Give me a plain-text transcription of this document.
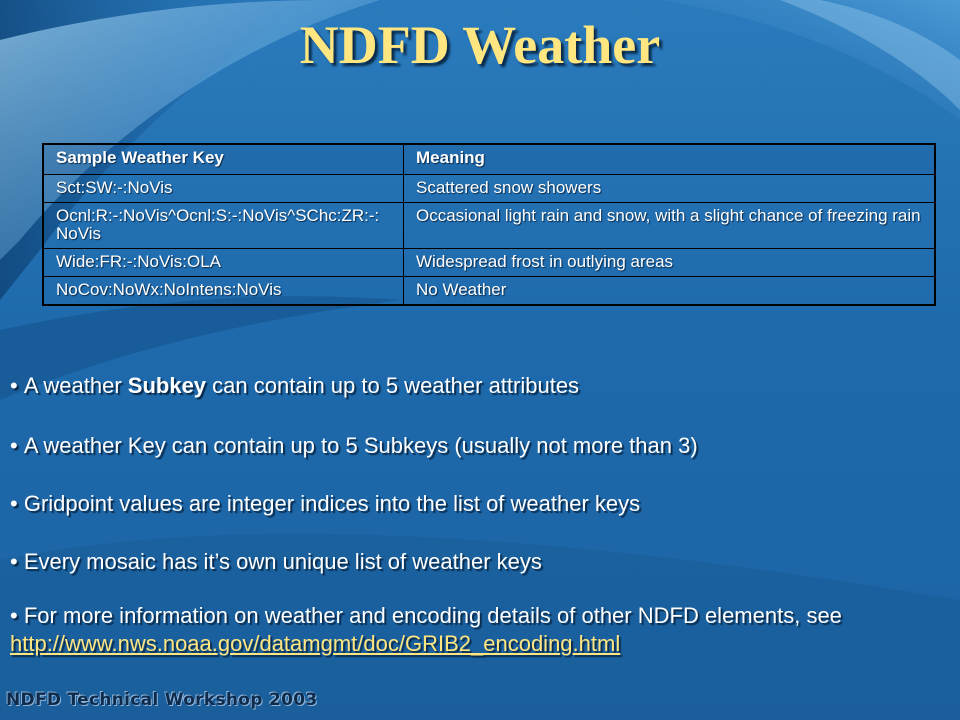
NDFD Weather
Sample Weather Key	Meaning
Sct:SW:-:NoVis	Scattered snow showers
Ocnl:R:-:NoVis^Ocnl:S:-:NoVis^SChc:ZR:-:NoVis	Occasional light rain and snow, with a slight chance of freezing rain
Wide:FR:-:NoVis:OLA	Widespread frost in outlying areas
NoCov:NoWx:NoIntens:NoVis	No Weather

• A weather Subkey can contain up to 5 weather attributes

• A weather Key can contain up to 5 Subkeys (usually not more than 3)

• Gridpoint values are integer indices into the list of weather keys

• Every mosaic has it’s own unique list of weather keys

• For more information on weather and encoding details of other NDFD elements, see http://www.nws.noaa.gov/datamgmt/doc/GRIB2_encoding.html

NDFD Technical Workshop 2003
